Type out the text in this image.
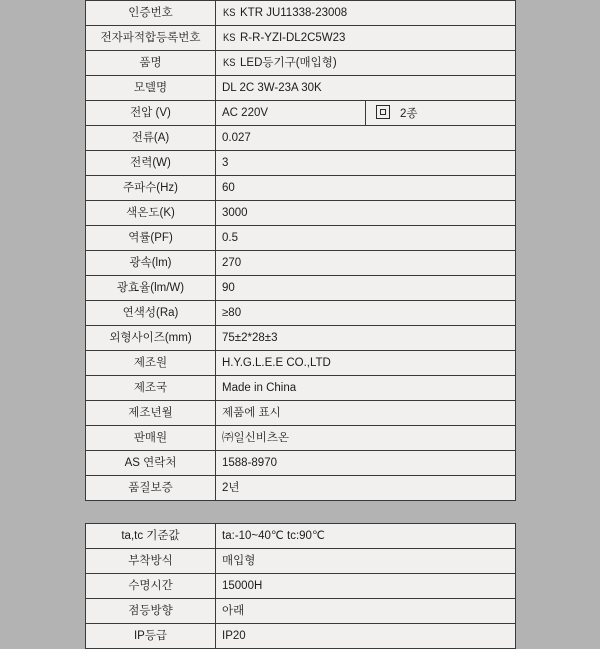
인증번호	KS KTR JU11338-23008	
전자파적합등록번호	KS R-R-YZI-DL2C5W23	
품명	KS LED등기구(매입형)	
모델명	DL 2C 3W-23A 30K	
전압 (V)	AC 220V	2종
전류(A)	0.027	
전력(W)	3	
주파수(Hz)	60	
색온도(K)	3000	
역률(PF)	0.5	
광속(lm)	270	
광효율(lm/W)	90	
연색성(Ra)	≥80	
외형사이즈(mm)	75±2*28±3	
제조원	H.Y.G.L.E.E CO.,LTD	
제조국	Made in China	
제조년월	제품에 표시	
판매원	㈜일신비츠온	
AS 연락처	1588-8970	
품질보증	2년	
ta,tc 기준값	ta:-10~40℃ tc:90℃
부착방식	매입형
수명시간	15000H
점등방향	아래
IP등급	IP20
